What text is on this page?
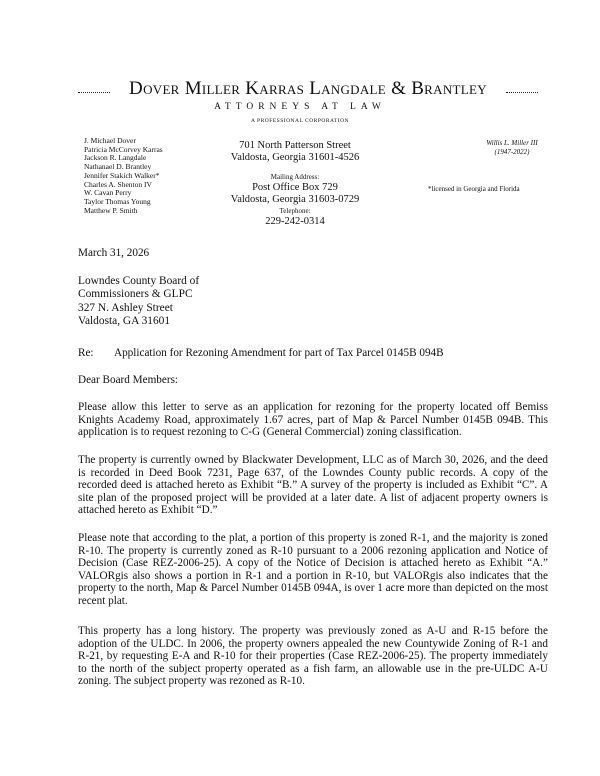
Dover Miller Karras Langdale & Brantley
ATTORNEYS AT LAW
A PROFESSIONAL CORPORATION
J. Michael Dover
Patricia McCorvey Karras
Jackson R. Langdale
Nathanael D. Brantley
Jennifer Stakich Walker*
Charles A. Shenton IV
W. Cavan Perry
Taylor Thomas Young
Matthew P. Smith
701 North Patterson Street
Valdosta, Georgia 31601-4526
Mailing Address:
Post Office Box 729
Valdosta, Georgia 31603-0729
Telephone:
229-242-0314
Willis L. Miller III
(1947-2022)
*licensed in Georgia and Florida
March 31, 2026
Lowndes County Board of
Commissioners & GLPC
327 N. Ashley Street
Valdosta, GA 31601
Re: Application for Rezoning Amendment for part of Tax Parcel 0145B 094B
Dear Board Members:
Please allow this letter to serve as an application for rezoning for the property located off Bemiss Knights Academy Road, approximately 1.67 acres, part of Map & Parcel Number 0145B 094B. This application is to request rezoning to C-G (General Commercial) zoning classification.
The property is currently owned by Blackwater Development, LLC as of March 30, 2026, and the deed is recorded in Deed Book 7231, Page 637, of the Lowndes County public records. A copy of the recorded deed is attached hereto as Exhibit “B.” A survey of the property is included as Exhibit “C”. A site plan of the proposed project will be provided at a later date. A list of adjacent property owners is attached hereto as Exhibit “D.”
Please note that according to the plat, a portion of this property is zoned R-1, and the majority is zoned R-10. The property is currently zoned as R-10 pursuant to a 2006 rezoning application and Notice of Decision (Case REZ-2006-25). A copy of the Notice of Decision is attached hereto as Exhibit “A.” VALORgis also shows a portion in R-1 and a portion in R-10, but VALORgis also indicates that the property to the north, Map & Parcel Number 0145B 094A, is over 1 acre more than depicted on the most recent plat.
This property has a long history. The property was previously zoned as A-U and R-15 before the adoption of the ULDC. In 2006, the property owners appealed the new Countywide Zoning of R-1 and R-21, by requesting E-A and R-10 for their properties (Case REZ-2006-25). The property immediately to the north of the subject property operated as a fish farm, an allowable use in the pre-ULDC A-U zoning. The subject property was rezoned as R-10.
